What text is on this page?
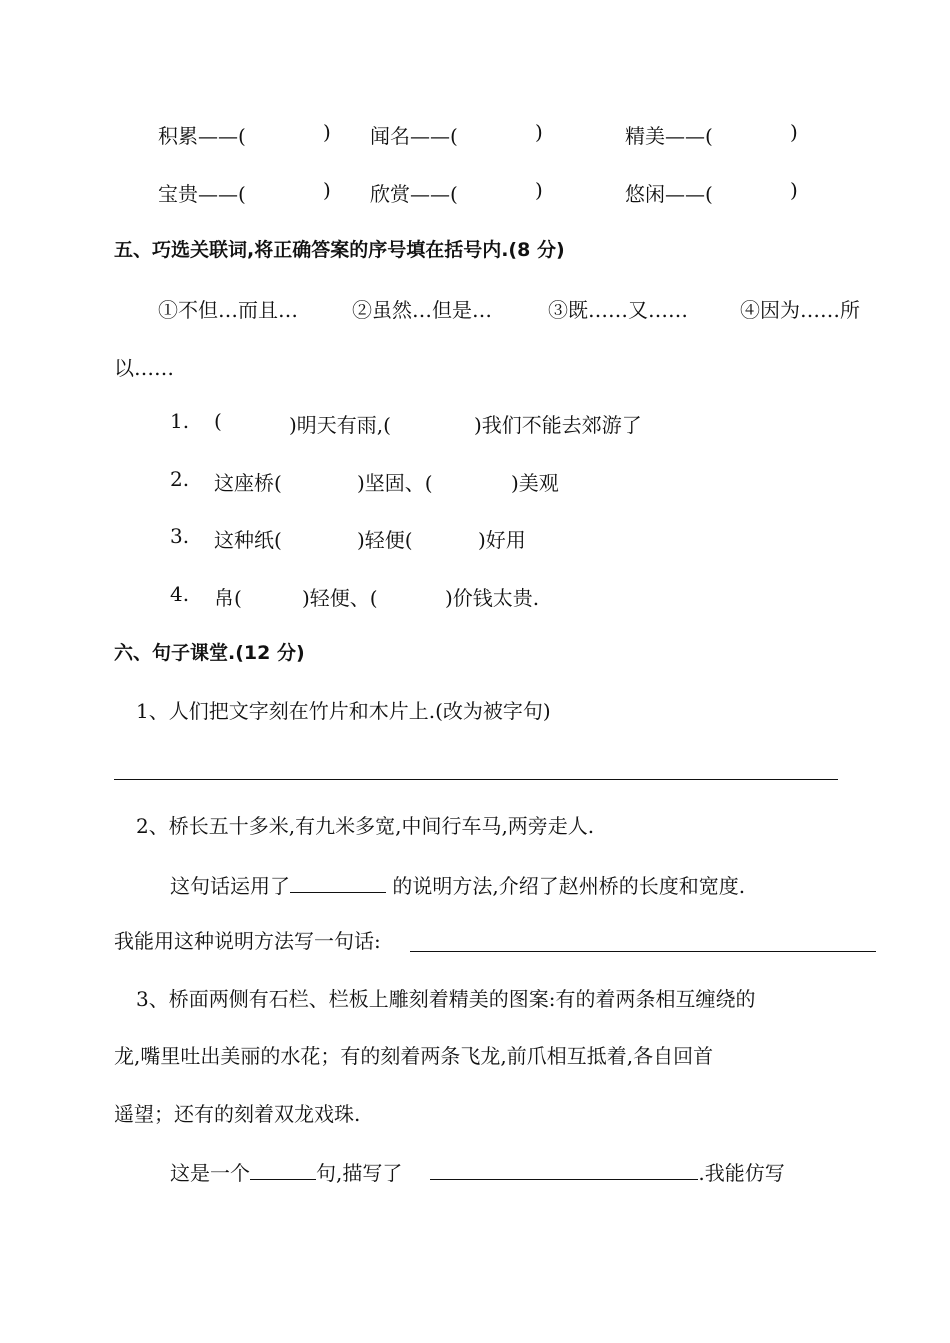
积累——(	) 闻名——(	)	精美——(	)
宝贵——(	) 欣赏——(	)	悠闲——(	)
五、巧选关联词,将正确答案的序号填在括号内.(8 分)
①不但…而且…	②虽然…但是…	③既……又……	④因为……所
以……
1. (	)明天有雨,(	)我们不能去郊游了
2. 这座桥(	)坚固、(	)美观
3. 这种纸(	)轻便(	)好用
4. 帛(	)轻便、(	)价钱太贵.
六、句子课堂.(12 分)
1、人们把文字刻在竹片和木片上.(改为被字句)
2、桥长五十多米,有九米多宽,中间行车马,两旁走人.
这句话运用了	的说明方法,介绍了赵州桥的长度和宽度.
我能用这种说明方法写一句话:
3、桥面两侧有石栏、栏板上雕刻着精美的图案:有的着两条相互缠绕的
龙,嘴里吐出美丽的水花；有的刻着两条飞龙,前爪相互抵着,各自回首
遥望；还有的刻着双龙戏珠.
这是一个	句,描写了	.我能仿写
